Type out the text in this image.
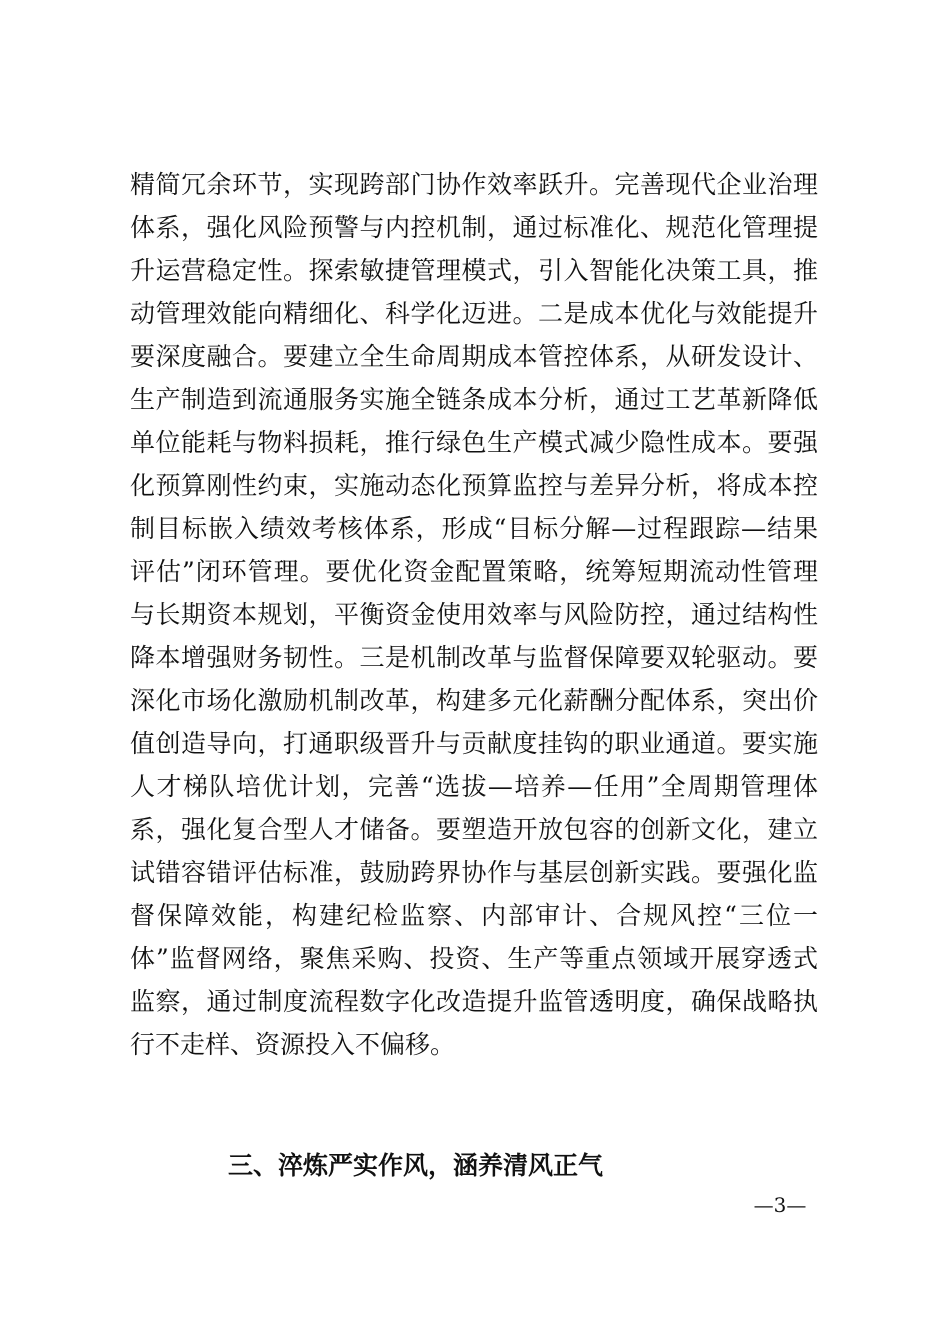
精简冗余环节，实现跨部门协作效率跃升。完善现代企业治理
体系，强化风险预警与内控机制，通过标准化、规范化管理提
升运营稳定性。探索敏捷管理模式，引入智能化决策工具，推
动管理效能向精细化、科学化迈进。二是成本优化与效能提升
要深度融合。要建立全生命周期成本管控体系，从研发设计、
生产制造到流通服务实施全链条成本分析，通过工艺革新降低
单位能耗与物料损耗，推行绿色生产模式减少隐性成本。要强
化预算刚性约束，实施动态化预算监控与差异分析，将成本控
制目标嵌入绩效考核体系，形成“目标分解—过程跟踪—结果
评估”闭环管理。要优化资金配置策略，统筹短期流动性管理
与长期资本规划，平衡资金使用效率与风险防控，通过结构性
降本增强财务韧性。三是机制改革与监督保障要双轮驱动。要
深化市场化激励机制改革，构建多元化薪酬分配体系，突出价
值创造导向，打通职级晋升与贡献度挂钩的职业通道。要实施
人才梯队培优计划，完善“选拔—培养—任用”全周期管理体
系，强化复合型人才储备。要塑造开放包容的创新文化，建立
试错容错评估标准，鼓励跨界协作与基层创新实践。要强化监
督保障效能，构建纪检监察、内部审计、合规风控“三位一
体”监督网络，聚焦采购、投资、生产等重点领域开展穿透式
监察，通过制度流程数字化改造提升监管透明度，确保战略执
行不走样、资源投入不偏移。
三、淬炼严实作风，涵养清风正气
—3—
